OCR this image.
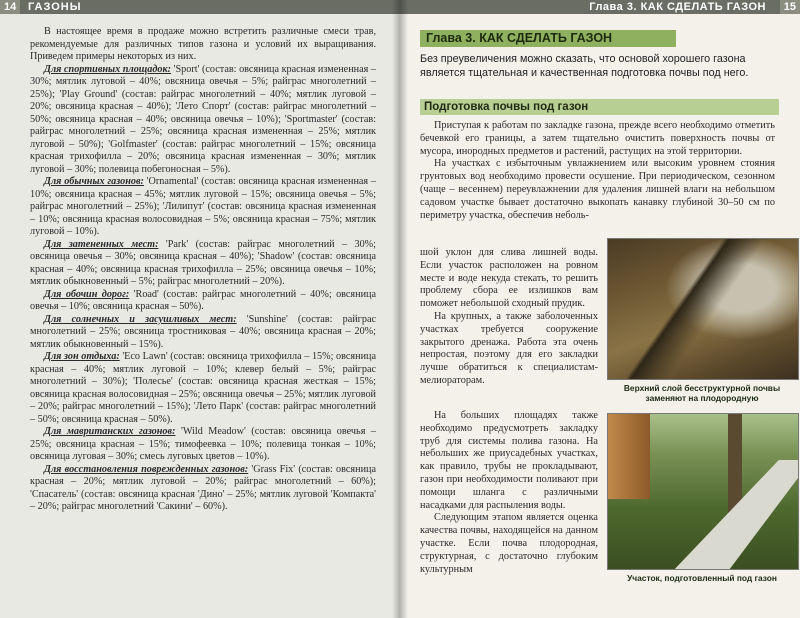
14	ГАЗОНЫ

В настоящее время в продаже можно встретить различные смеси трав, рекомендуемые для различных типов газона и условий их выращивания. Приведем примеры некоторых из них.

Для спортивных площадок: 'Sport' (состав: овсяница красная измененная – 30%; мятлик луговой – 40%; овсяница овечья – 5%; райграс многолетний – 25%); 'Play Ground' (состав: райграс многолетний – 40%; мятлик луговой – 20%; овсяница красная – 40%); 'Лето Спорт' (состав: райграс многолетний – 50%; овсяница красная – 40%; овсяница овечья – 10%); 'Sportmaster' (состав: райграс многолетний – 25%; овсяница красная измененная – 25%; мятлик луговой – 50%); 'Golfmaster' (состав: райграс многолетний – 15%; овсяница красная трихофилла – 20%; овсяница красная измененная – 30%; мятлик луговой – 30%; полевица побегоносная – 5%).

Для обычных газонов: 'Ornamental' (состав: овсяница красная измененная – 10%; овсяница красная – 45%; мятлик луговой – 15%; овсяница овечья – 5%; райграс многолетний – 25%); 'Лилипут' (состав: овсяница красная измененная – 10%; овсяница красная волосовидная – 5%; овсяница красная – 75%; мятлик луговой – 10%).

Для затененных мест: 'Park' (состав: райграс многолетний – 30%; овсяница овечья – 30%; овсяница красная – 40%); 'Shadow' (состав: овсяница красная – 40%; овсяница красная трихофилла – 25%; овсяница овечья – 10%; мятлик обыкновенный – 5%; райграс многолетний – 20%).

Для обочин дорог: 'Road' (состав: райграс многолетний – 40%; овсяница овечья – 10%; овсяница красная – 50%).

Для солнечных и засушливых мест: 'Sunshine' (состав: райграс многолетний – 25%; овсяница тростниковая – 40%; овсяница красная – 20%; мятлик обыкновенный – 15%).

Для зон отдыха: 'Eco Lawn' (состав: овсяница трихофилла – 15%; овсяница красная – 40%; мятлик луговой – 10%; клевер белый – 5%; райграс многолетний – 30%); 'Полесье' (состав: овсяница красная жесткая – 15%; овсяница красная волосовидная – 25%; овсяница овечья – 25%; мятлик луговой – 20%; райграс многолетний – 15%); 'Лето Парк' (состав: райграс многолетний – 50%; овсяница красная – 50%).

Для мавританских газонов: 'Wild Meadow' (состав: овсяница овечья – 25%; овсяница красная – 15%; тимофеевка – 10%; полевица тонкая – 10%; овсяница луговая – 30%; смесь луговых цветов – 10%).

Для восстановления поврежденных газонов: 'Grass Fix' (состав: овсяница красная – 20%; мятлик луговой – 20%; райграс многолетний – 60%); 'Спасатель' (состав: овсяница красная 'Дино' – 25%; мятлик луговой 'Компакта' – 20%; райграс многолетний 'Сакини' – 60%).

Глава 3. КАК СДЕЛАТЬ ГАЗОН	15
Глава 3. КАК СДЕЛАТЬ ГАЗОН
Без преувеличения можно сказать, что основой хорошего газона является тщательная и качественная подготовка почвы под него.
Подготовка почвы под газон

Приступая к работам по закладке газона, прежде всего необходимо отметить бечевкой его границы, а затем тщательно очистить поверхность почвы от мусора, инородных предметов и растений, растущих на этой территории.

На участках с избыточным увлажнением или высоким уровнем стояния грунтовых вод необходимо провести осушение. При периодическом, сезонном (чаще – весеннем) переувлажнении для удаления лишней влаги на небольшом садовом участке бывает достаточно выкопать канавку глубиной 30–50 см по периметру участка, обеспечив неболь-

шой уклон для слива лишней воды. Если участок расположен на ровном месте и воде некуда стекать, то решить проблему сбора ее излишков вам поможет небольшой сходный прудик.

На крупных, а также заболоченных участках требуется сооружение закрытого дренажа. Работа эта очень непростая, поэтому для его закладки лучше обратиться к специалистам-мелиораторам.

На больших площадях также необходимо предусмотреть закладку труб для системы полива газона. На небольших же приусадебных участках, как правило, трубы не прокладывают, газон при необходимости поливают при помощи шланга с различными насадками для распыления воды.

Следующим этапом является оценка качества почвы, находящейся на данном участке. Если почва плодородная, структурная, с достаточно глубоким культурным

Верхний слой бесструктурной почвы заменяют на плодородную
Участок, подготовленный под газон
